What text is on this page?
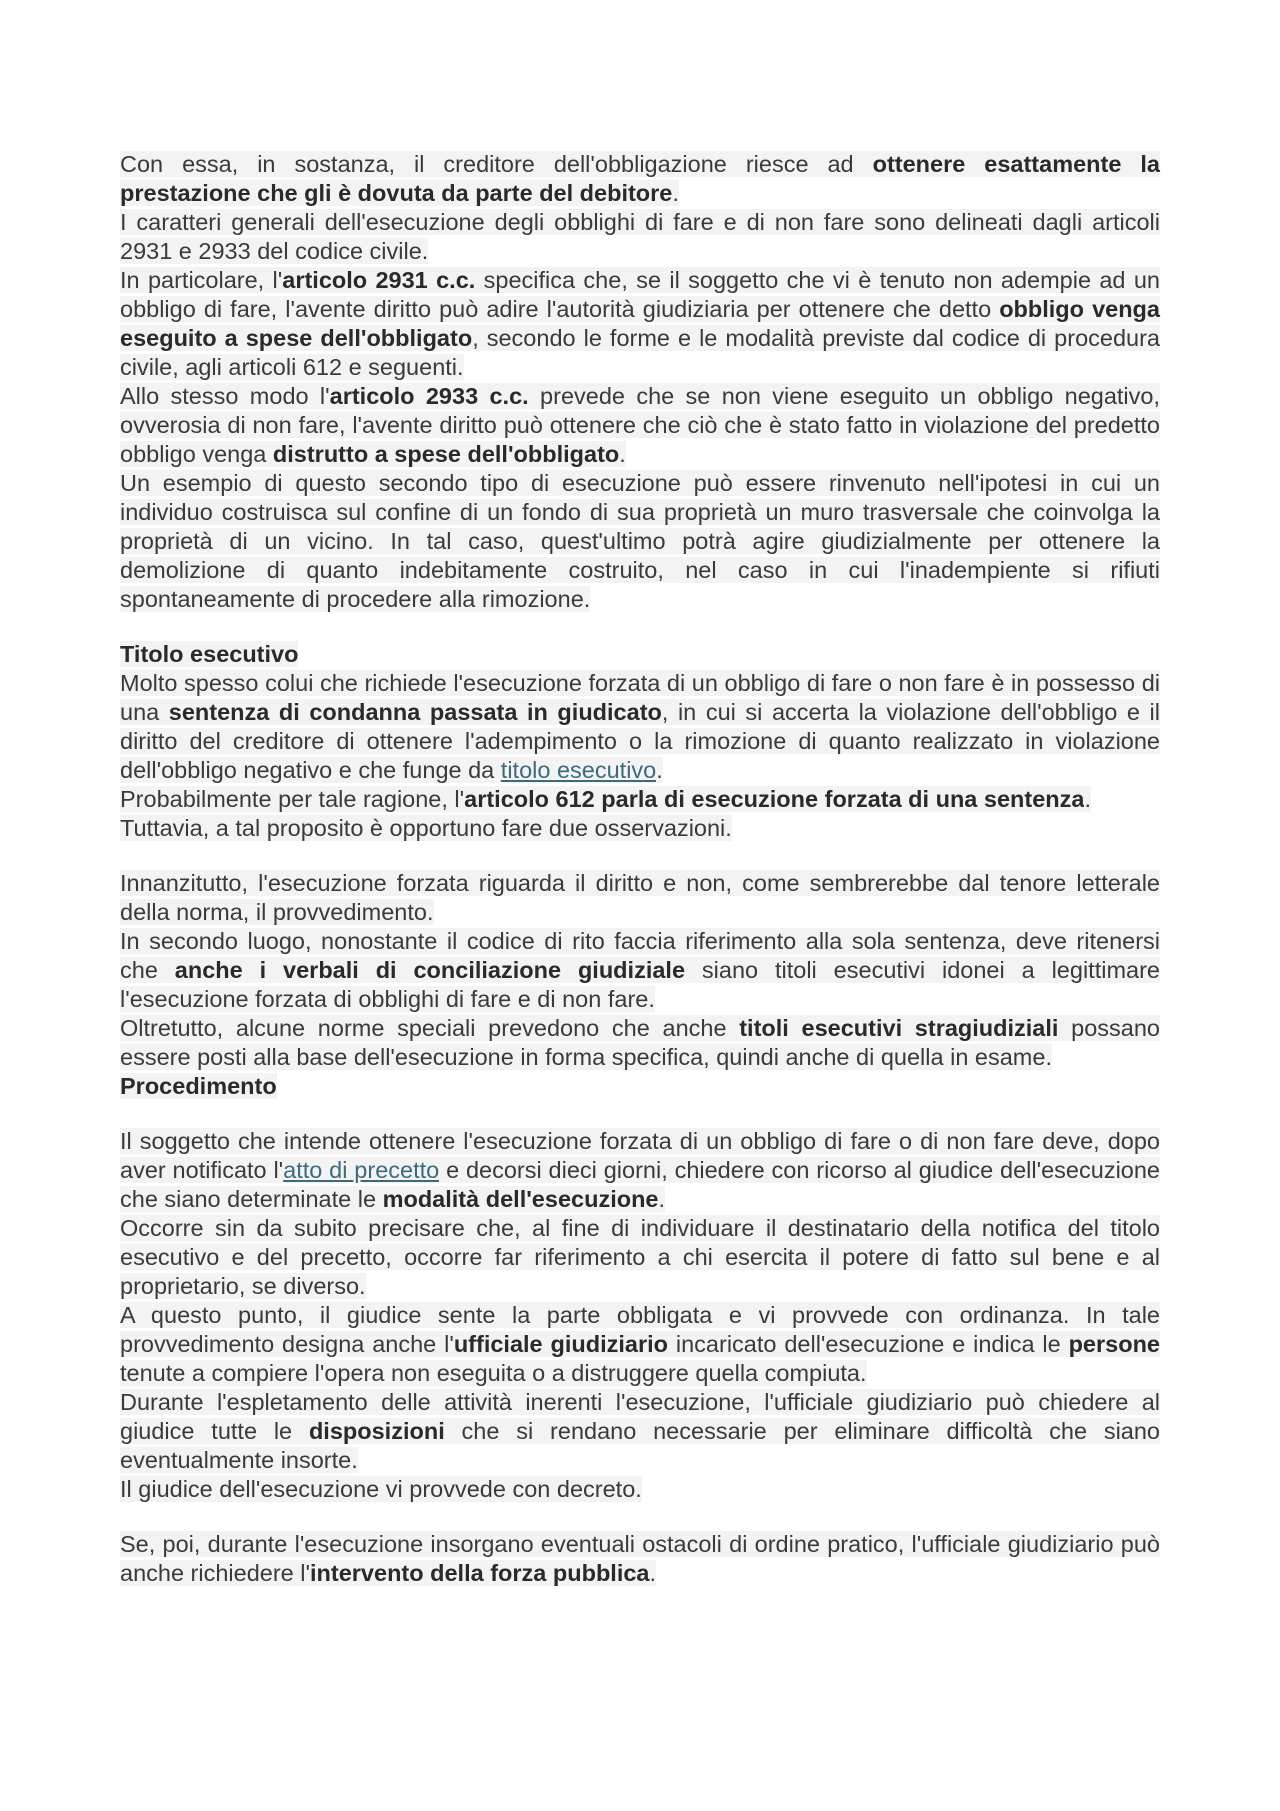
Con essa, in sostanza, il creditore dell'obbligazione riesce ad ottenere esattamente la prestazione che gli è dovuta da parte del debitore.

I caratteri generali dell'esecuzione degli obblighi di fare e di non fare sono delineati dagli articoli 2931 e 2933 del codice civile.

In particolare, l'articolo 2931 c.c. specifica che, se il soggetto che vi è tenuto non adempie ad un obbligo di fare, l'avente diritto può adire l'autorità giudiziaria per ottenere che detto obbligo venga eseguito a spese dell'obbligato, secondo le forme e le modalità previste dal codice di procedura civile, agli articoli 612 e seguenti.

Allo stesso modo l'articolo 2933 c.c. prevede che se non viene eseguito un obbligo negativo, ovverosia di non fare, l'avente diritto può ottenere che ciò che è stato fatto in violazione del predetto obbligo venga distrutto a spese dell'obbligato.

Un esempio di questo secondo tipo di esecuzione può essere rinvenuto nell'ipotesi in cui un individuo costruisca sul confine di un fondo di sua proprietà un muro trasversale che coinvolga la proprietà di un vicino. In tal caso, quest'ultimo potrà agire giudizialmente per ottenere la demolizione di quanto indebitamente costruito, nel caso in cui l'inadempiente si rifiuti spontaneamente di procedere alla rimozione.

Titolo esecutivo

Molto spesso colui che richiede l'esecuzione forzata di un obbligo di fare o non fare è in possesso di una sentenza di condanna passata in giudicato, in cui si accerta la violazione dell'obbligo e il diritto del creditore di ottenere l'adempimento o la rimozione di quanto realizzato in violazione dell'obbligo negativo e che funge da titolo esecutivo.

Probabilmente per tale ragione, l'articolo 612 parla di esecuzione forzata di una sentenza.

Tuttavia, a tal proposito è opportuno fare due osservazioni.

Innanzitutto, l'esecuzione forzata riguarda il diritto e non, come sembrerebbe dal tenore letterale della norma, il provvedimento.

In secondo luogo, nonostante il codice di rito faccia riferimento alla sola sentenza, deve ritenersi che anche i verbali di conciliazione giudiziale siano titoli esecutivi idonei a legittimare l'esecuzione forzata di obblighi di fare e di non fare.

Oltretutto, alcune norme speciali prevedono che anche titoli esecutivi stragiudiziali possano essere posti alla base dell'esecuzione in forma specifica, quindi anche di quella in esame.

Procedimento

Il soggetto che intende ottenere l'esecuzione forzata di un obbligo di fare o di non fare deve, dopo aver notificato l'atto di precetto e decorsi dieci giorni, chiedere con ricorso al giudice dell'esecuzione che siano determinate le modalità dell'esecuzione.

Occorre sin da subito precisare che, al fine di individuare il destinatario della notifica del titolo esecutivo e del precetto, occorre far riferimento a chi esercita il potere di fatto sul bene e al proprietario, se diverso.

A questo punto, il giudice sente la parte obbligata e vi provvede con ordinanza. In tale provvedimento designa anche l'ufficiale giudiziario incaricato dell'esecuzione e indica le persone tenute a compiere l'opera non eseguita o a distruggere quella compiuta.

Durante l'espletamento delle attività inerenti l'esecuzione, l'ufficiale giudiziario può chiedere al giudice tutte le disposizioni che si rendano necessarie per eliminare difficoltà che siano eventualmente insorte.

Il giudice dell'esecuzione vi provvede con decreto.

Se, poi, durante l'esecuzione insorgano eventuali ostacoli di ordine pratico, l'ufficiale giudiziario può anche richiedere l'intervento della forza pubblica.
